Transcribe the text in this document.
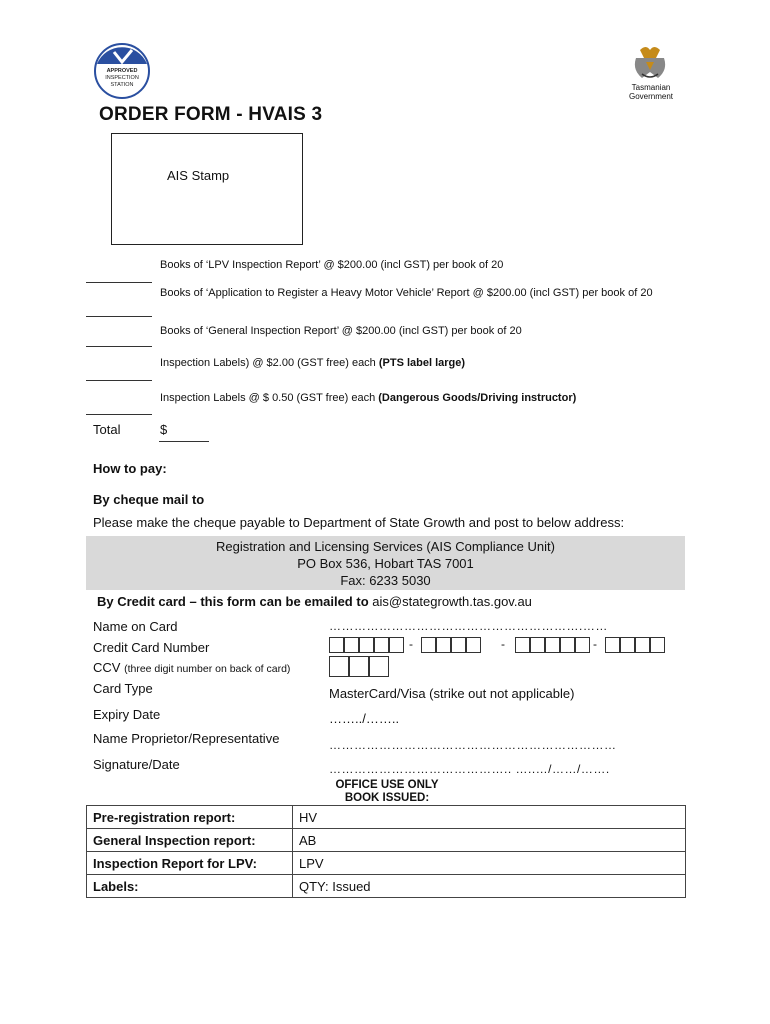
APPROVED
INSPECTION
STATION	Tasmanian
Government
ORDER FORM - HVAIS 3
AIS Stamp
Books of ‘LPV Inspection Report’ @ $200.00 (incl GST) per book of 20
Books of ‘Application to Register a Heavy Motor Vehicle’ Report @ $200.00 (incl GST) per book of 20
Books of ‘General Inspection Report’ @ $200.00 (incl GST) per book of 20
Inspection Labels) @ $2.00 (GST free) each (PTS label large)
Inspection Labels @ $ 0.50 (GST free) each (Dangerous Goods/Driving instructor)
Total	$
How to pay:
By cheque mail to
Please make the cheque payable to Department of State Growth and post to below address:
Registration and Licensing Services (AIS Compliance Unit)
PO Box 536, Hobart TAS 7001
Fax: 6233 5030
By Credit card – this form can be emailed to ais@stategrowth.tas.gov.au
Name on Card	…………………………………………………….……
Credit Card Number	-	-	-
CCV (three digit number on back of card)
Card Type	MasterCard/Visa (strike out not applicable)
Expiry Date	……../……..
Name Proprietor/Representative	……………………………………………………………
Signature/Date	…………………………………….. …..…/……/…….
OFFICE USE ONLY
BOOK ISSUED:
Pre-registration report:	HV
General Inspection report:	AB
Inspection Report for LPV:	LPV
Labels:	QTY: Issued
